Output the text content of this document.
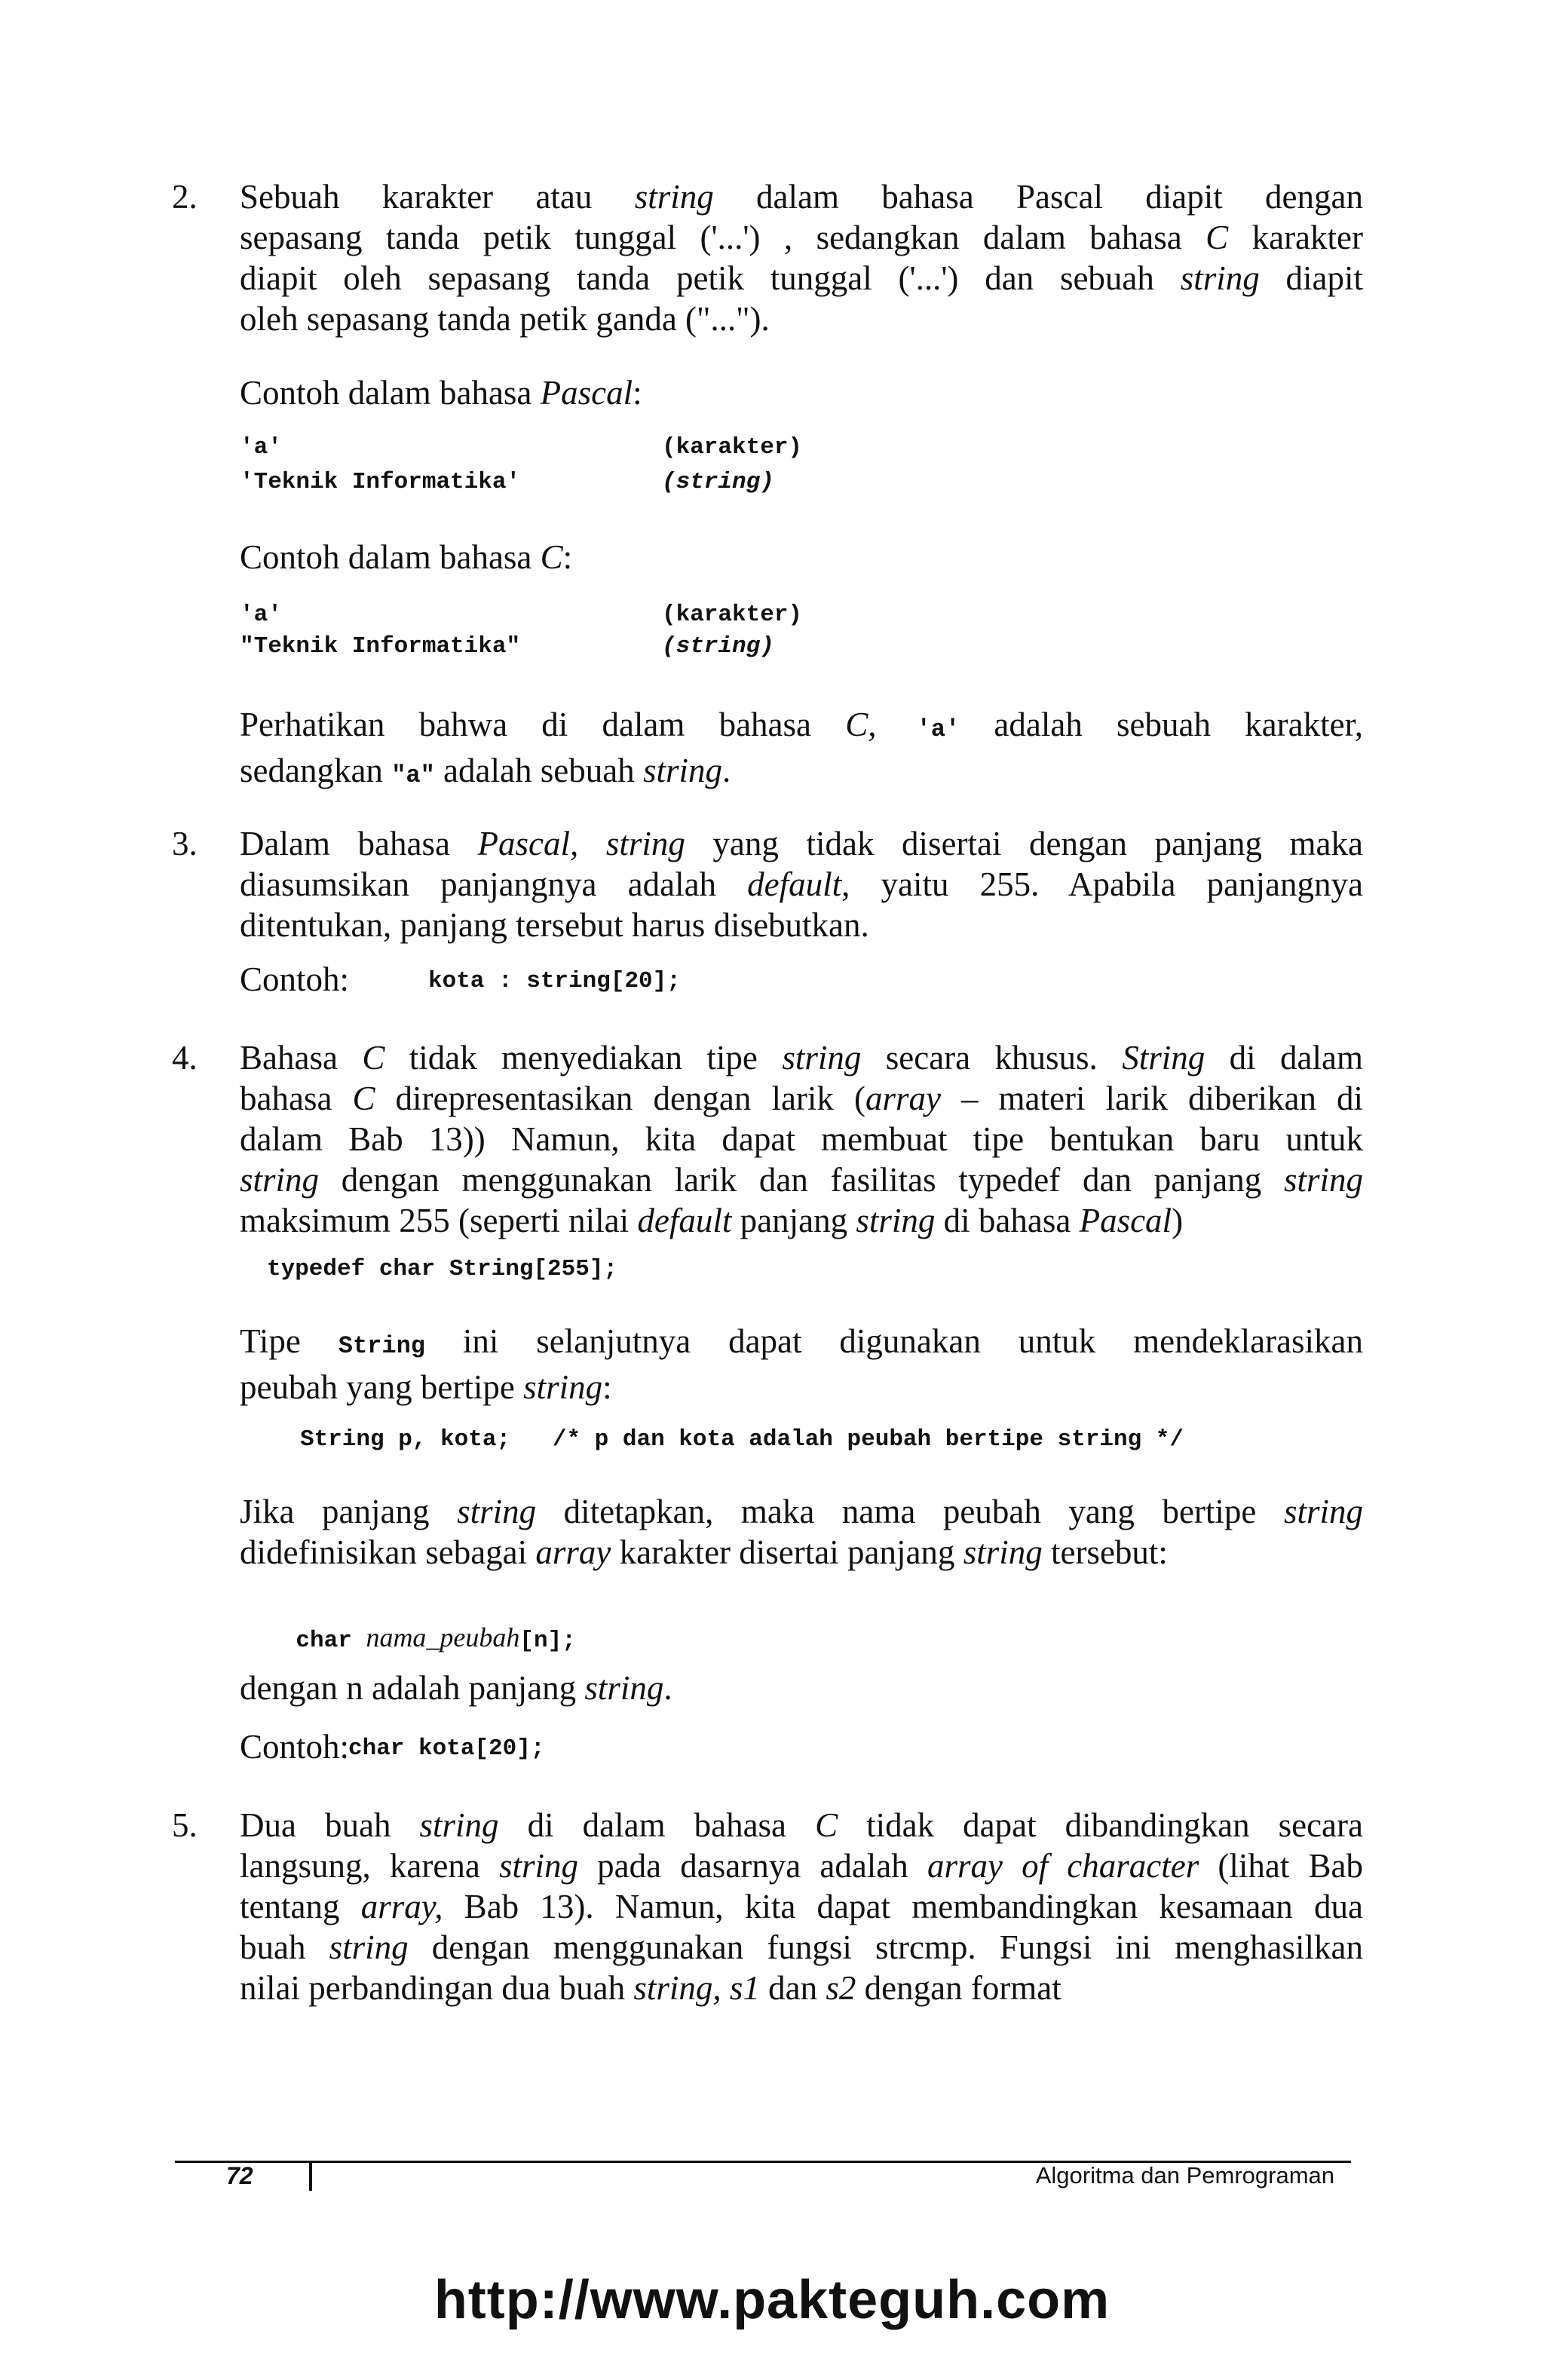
2. Sebuah karakter atau string dalam bahasa Pascal diapit dengan
sepasang tanda petik tunggal ('...') , sedangkan dalam bahasa C karakter
diapit oleh sepasang tanda petik tunggal ('...') dan sebuah string diapit
oleh sepasang tanda petik ganda ("...").
Contoh dalam bahasa Pascal:
'a'	(karakter)
'Teknik Informatika'	(string)
Contoh dalam bahasa C:
'a'	(karakter)
"Teknik Informatika"	(string)
Perhatikan bahwa di dalam bahasa C, 'a' adalah sebuah karakter,
sedangkan "a" adalah sebuah string.
3. Dalam bahasa Pascal, string yang tidak disertai dengan panjang maka
diasumsikan panjangnya adalah default, yaitu 255. Apabila panjangnya
ditentukan, panjang tersebut harus disebutkan.
Contoh:	kota : string[20];
4. Bahasa C tidak menyediakan tipe string secara khusus. String di dalam
bahasa C direpresentasikan dengan larik (array – materi larik diberikan di
dalam Bab 13)) Namun, kita dapat membuat tipe bentukan baru untuk
string dengan menggunakan larik dan fasilitas typedef dan panjang string
maksimum 255 (seperti nilai default panjang string di bahasa Pascal)
typedef char String[255];
Tipe String ini selanjutnya dapat digunakan untuk mendeklarasikan
peubah yang bertipe string:
String p, kota;   /* p dan kota adalah peubah bertipe string */
Jika panjang string ditetapkan, maka nama peubah yang bertipe string
didefinisikan sebagai array karakter disertai panjang string tersebut:

char nama_peubah[n];

dengan n adalah panjang string.
Contoh:
char kota[20];
5. Dua buah string di dalam bahasa C tidak dapat dibandingkan secara
langsung, karena string pada dasarnya adalah array of character (lihat Bab
tentang array, Bab 13). Namun, kita dapat membandingkan kesamaan dua
buah string dengan menggunakan fungsi strcmp. Fungsi ini menghasilkan
nilai perbandingan dua buah string, s1 dan s2 dengan format
72	Algoritma dan Pemrograman
http://www.pakteguh.com
